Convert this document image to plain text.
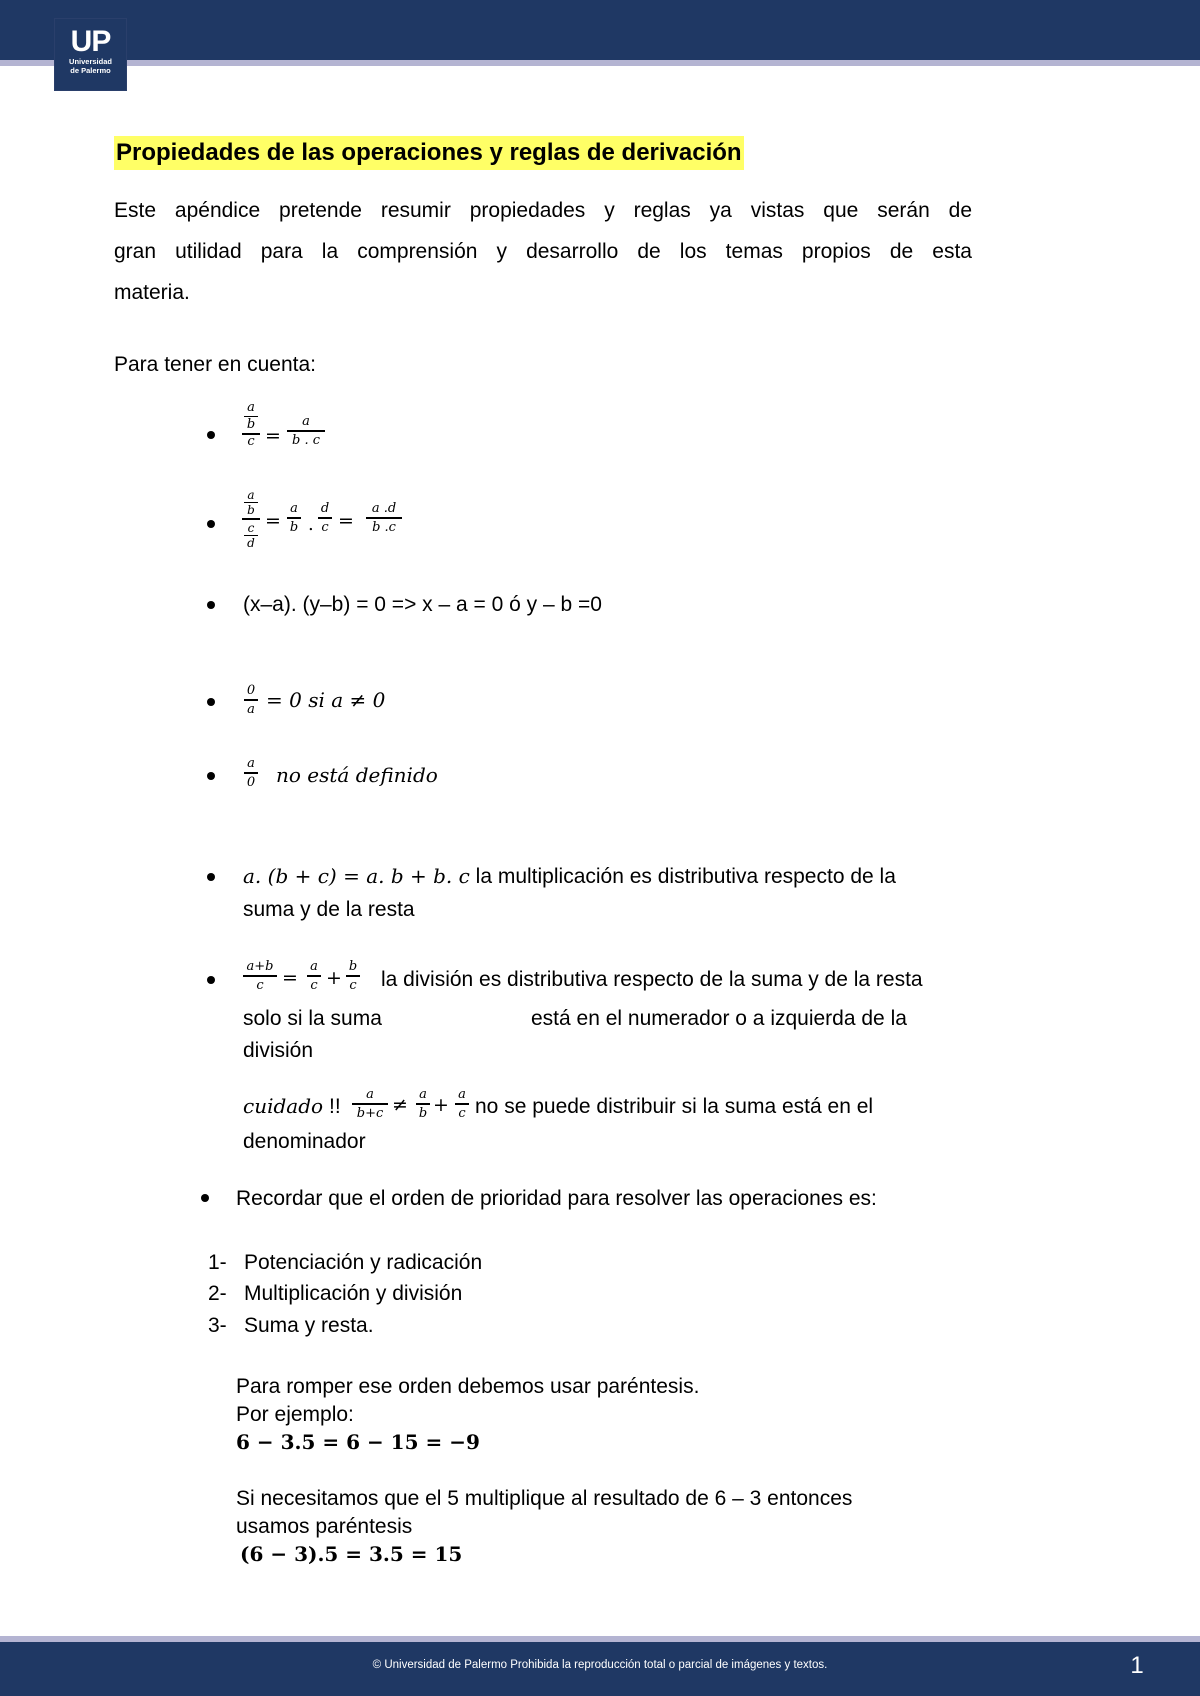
UP
Universidad
de Palermo
Propiedades de las operaciones y reglas de derivación
Este apéndice pretende resumir propiedades y reglas ya vistas que serán de
gran utilidad para la comprensión y desarrollo de los temas propios de esta
materia.
Para tener en cuenta:
a
b
c =
a
b . c
a
b
c
d
=
a
b .
d
c =
a .d
b .c
(x–a). (y–b) = 0 => x – a = 0 ó y – b =0
0
a = 0 si a ≠ 0
a
0 no está definido
a. (b + c) = a. b + b. c la multiplicación es distributiva respecto de la
suma y de la resta
a+b
c =
a
c +
b
c la división es distributiva respecto de la suma y de la resta
solo si la suma	está en el numerador o a izquierda de la
división
cuidado !!
a
b+c ≠ a
b + a
c no se puede distribuir si la suma está en el
denominador
Recordar que el orden de prioridad para resolver las operaciones es:
1- Potenciación y radicación
2- Multiplicación y división
3- Suma y resta.
Para romper ese orden debemos usar paréntesis.
Por ejemplo:
6 − 3.5 = 6 − 15 = −9
Si necesitamos que el 5 multiplique al resultado de 6 – 3 entonces
usamos paréntesis
(6 − 3).5 = 3.5 = 15
© Universidad de Palermo Prohibida la reproducción total o parcial de imágenes y textos.	1
